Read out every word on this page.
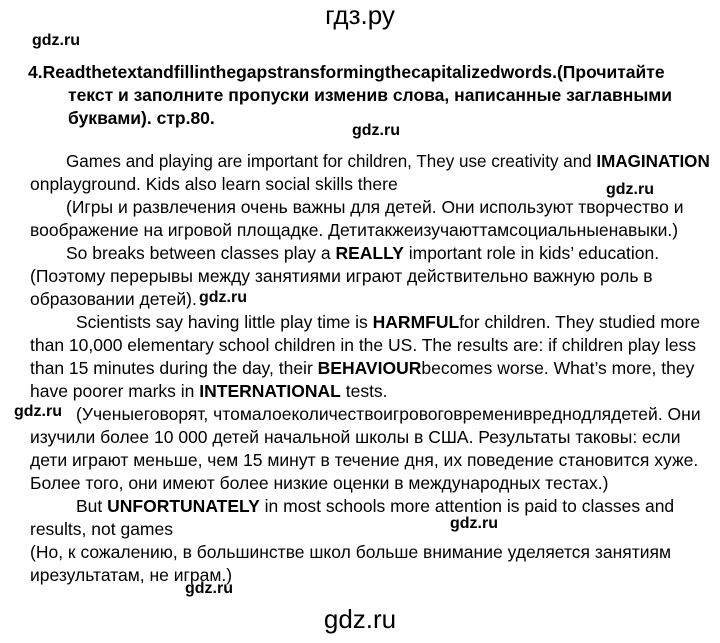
гдз.ру
gdz.ru
gdz.ru
gdz.ru
gdz.ru
gdz.ru
gdz.ru
gdz.ru
gdz.ru
4.Readthetextandfillinthegapstransformingthecapitalizedwords.(Прочитайте
текст и заполните пропуски изменив слова, написанные заглавными
буквами). стр.80.
Games and playing are important for children, They use creativity and IMAGINATION
onplayground. Kids also learn social skills there
(Игры и развлечения очень важны для детей. Они используют творчество и
воображение на игровой площадке. Детитакжеизучаюттамсоциальныенавыки.)
So breaks between classes play a REALLY important role in kids’ education.
(Поэтому перерывы между занятиями играют действительно важную роль в
образовании детей).
Scientists say having little play time is HARMFULfor children. They studied more
than 10,000 elementary school children in the US. The results are: if children play less
than 15 minutes during the day, their BEHAVIOURbecomes worse. What’s more, they
have poorer marks in INTERNATIONAL tests.
(Ученыеговорят, чтомалоеколичествоигровоговремениврeднодлядетей. Они
изучили более 10 000 детей начальной школы в США. Результаты таковы: если
дети играют меньше, чем 15 минут в течение дня, их поведение становится хуже.
Более того, они имеют более низкие оценки в международных тестах.)
But UNFORTUNATELY in most schools more attention is paid to classes and
results, not games
(Но, к сожалению, в большинстве школ больше внимание уделяется занятиям
ирезультатам, не играм.)
